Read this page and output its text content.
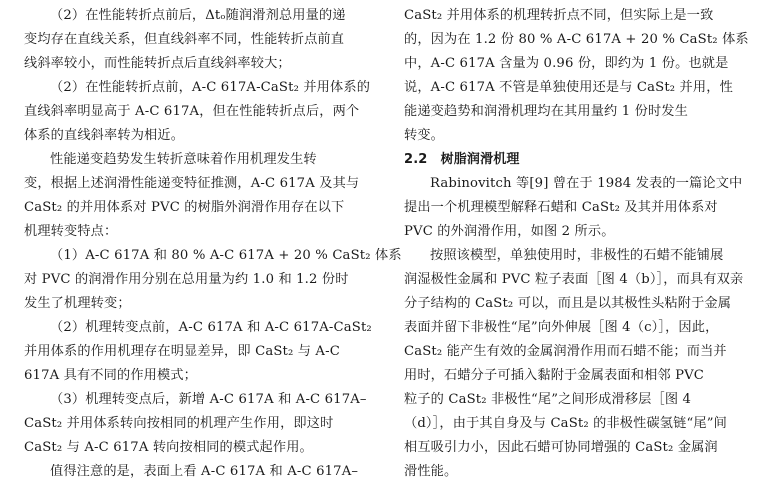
（2）在性能转折点前后，Δtₒ随润滑剂总用量的递
变均存在直线关系，但直线斜率不同，性能转折点前直
线斜率较小，而性能转折点后直线斜率较大；
（2）在性能转折点前，A-C 617A-CaSt₂ 并用体系的
直线斜率明显高于 A-C 617A，但在性能转折点后，两个
体系的直线斜率转为相近。
性能递变趋势发生转折意味着作用机理发生转
变，根据上述润滑性能递变特征推测，A-C 617A 及其与
CaSt₂ 的并用体系对 PVC 的树脂外润滑作用存在以下
机理转变特点：
（1）A-C 617A 和 80 % A-C 617A + 20 % CaSt₂ 体系
对 PVC 的润滑作用分别在总用量为约 1.0 和 1.2 份时
发生了机理转变；
（2）机理转变点前，A-C 617A 和 A-C 617A-CaSt₂
并用体系的作用机理存在明显差异，即 CaSt₂ 与 A-C
617A 具有不同的作用模式；
（3）机理转变点后，新增 A-C 617A 和 A-C 617A–
CaSt₂ 并用体系转向按相同的机理产生作用，即这时
CaSt₂ 与 A-C 617A 转向按相同的模式起作用。
值得注意的是，表面上看 A-C 617A 和 A-C 617A–
CaSt₂ 并用体系的机理转折点不同，但实际上是一致
的，因为在 1.2 份 80 % A-C 617A + 20 % CaSt₂ 体系
中，A-C 617A 含量为 0.96 份，即约为 1 份。也就是
说，A-C 617A 不管是单独使用还是与 CaSt₂ 并用，性
能递变趋势和润滑机理均在其用量约 1 份时发生
转变。
2.2　树脂润滑机理
Rabinovitch 等[9] 曾在于 1984 发表的一篇论文中
提出一个机理模型解释石蜡和 CaSt₂ 及其并用体系对
PVC 的外润滑作用，如图 2 所示。
按照该模型，单独使用时，非极性的石蜡不能铺展
润湿极性金属和 PVC 粒子表面［图 4（b）］，而具有双亲
分子结构的 CaSt₂ 可以，而且是以其极性头粘附于金属
表面并留下非极性“尾”向外伸展［图 4（c）］，因此，
CaSt₂ 能产生有效的金属润滑作用而石蜡不能；而当并
用时，石蜡分子可插入黏附于金属表面和相邻 PVC
粒子的 CaSt₂ 非极性“尾”之间形成滑移层［图 4
（d）］，由于其自身及与 CaSt₂ 的非极性碳氢链“尾”间
相互吸引力小，因此石蜡可协同增强的 CaSt₂ 金属润
滑性能。
